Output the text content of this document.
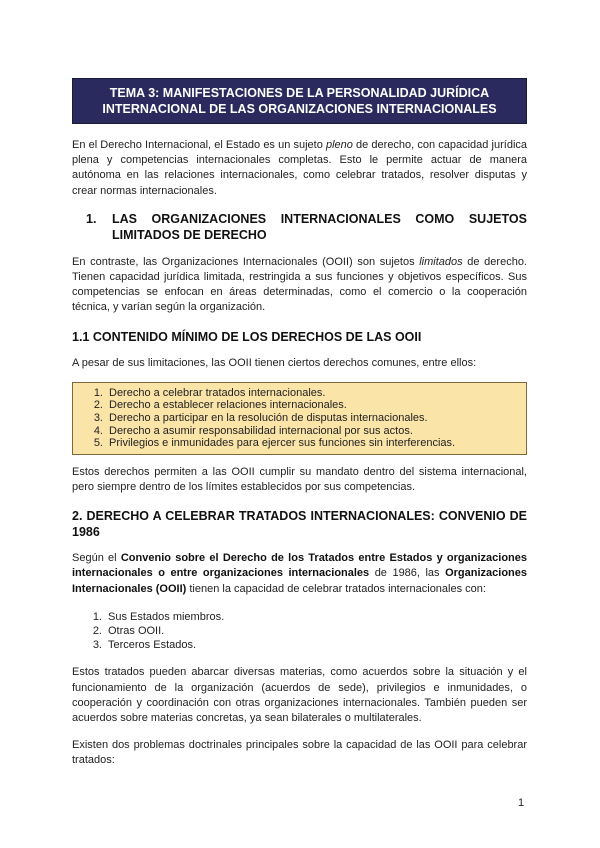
TEMA 3: MANIFESTACIONES DE LA PERSONALIDAD JURÍDICA
INTERNACIONAL DE LAS ORGANIZACIONES INTERNACIONALES

En el Derecho Internacional, el Estado es un sujeto pleno de derecho, con capacidad jurídica plena y competencias internacionales completas. Esto le permite actuar de manera autónoma en las relaciones internacionales, como celebrar tratados, resolver disputas y crear normas internacionales.

1.	LAS ORGANIZACIONES INTERNACIONALES COMO SUJETOS
LIMITADOS DE DERECHO

En contraste, las Organizaciones Internacionales (OOII) son sujetos limitados de derecho. Tienen capacidad jurídica limitada, restringida a sus funciones y objetivos específicos. Sus competencias se enfocan en áreas determinadas, como el comercio o la cooperación técnica, y varían según la organización.

1.1 CONTENIDO MÍNIMO DE LOS DERECHOS DE LAS OOII

A pesar de sus limitaciones, las OOII tienen ciertos derechos comunes, entre ellos:

1. Derecho a celebrar tratados internacionales.
2. Derecho a establecer relaciones internacionales.
3. Derecho a participar en la resolución de disputas internacionales.
4. Derecho a asumir responsabilidad internacional por sus actos.
5. Privilegios e inmunidades para ejercer sus funciones sin interferencias.

Estos derechos permiten a las OOII cumplir su mandato dentro del sistema internacional, pero siempre dentro de los límites establecidos por sus competencias.

2. DERECHO A CELEBRAR TRATADOS INTERNACIONALES: CONVENIO DE 1986

Según el Convenio sobre el Derecho de los Tratados entre Estados y organizaciones internacionales o entre organizaciones internacionales de 1986, las Organizaciones Internacionales (OOII) tienen la capacidad de celebrar tratados internacionales con:

1. Sus Estados miembros.
2. Otras OOII.
3. Terceros Estados.

Estos tratados pueden abarcar diversas materias, como acuerdos sobre la situación y el funcionamiento de la organización (acuerdos de sede), privilegios e inmunidades, o cooperación y coordinación con otras organizaciones internacionales. También pueden ser acuerdos sobre materias concretas, ya sean bilaterales o multilaterales.

Existen dos problemas doctrinales principales sobre la capacidad de las OOII para celebrar tratados:

1
